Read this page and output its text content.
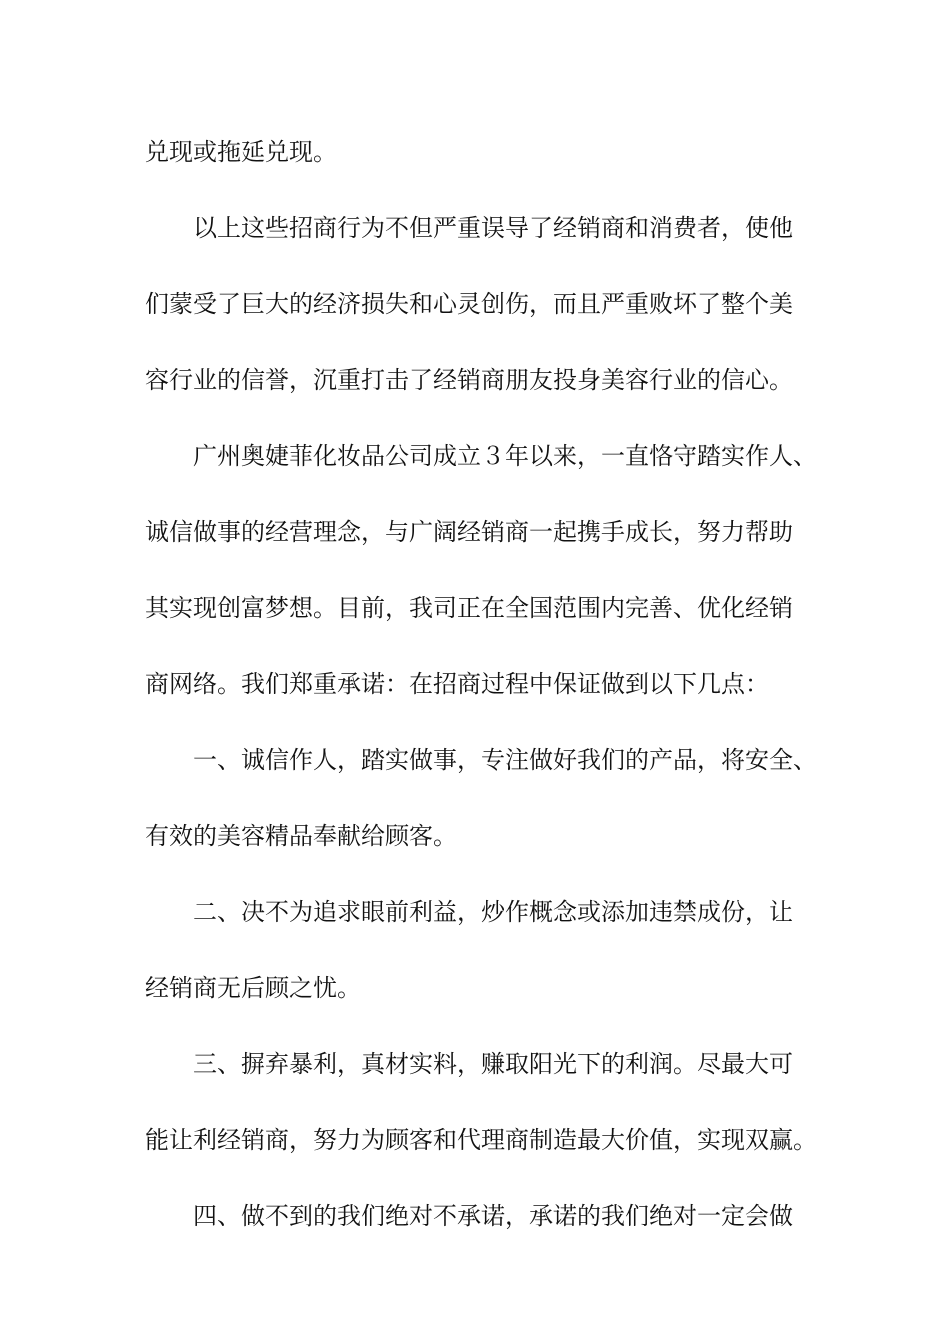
兑现或拖延兑现。
以上这些招商行为不但严重误导了经销商和消费者，使他
们蒙受了巨大的经济损失和心灵创伤，而且严重败坏了整个美
容行业的信誉，沉重打击了经销商朋友投身美容行业的信心。
广州奥婕菲化妆品公司成立３年以来，一直恪守踏实作人、
诚信做事的经营理念，与广阔经销商一起携手成长，努力帮助
其实现创富梦想。目前，我司正在全国范围内完善、优化经销
商网络。我们郑重承诺：在招商过程中保证做到以下几点：
一、诚信作人，踏实做事，专注做好我们的产品，将安全、
有效的美容精品奉献给顾客。
二、决不为追求眼前利益，炒作概念或添加违禁成份，让
经销商无后顾之忧。
三、摒弃暴利，真材实料，赚取阳光下的利润。尽最大可
能让利经销商，努力为顾客和代理商制造最大价值，实现双赢。
四、做不到的我们绝对不承诺，承诺的我们绝对一定会做
